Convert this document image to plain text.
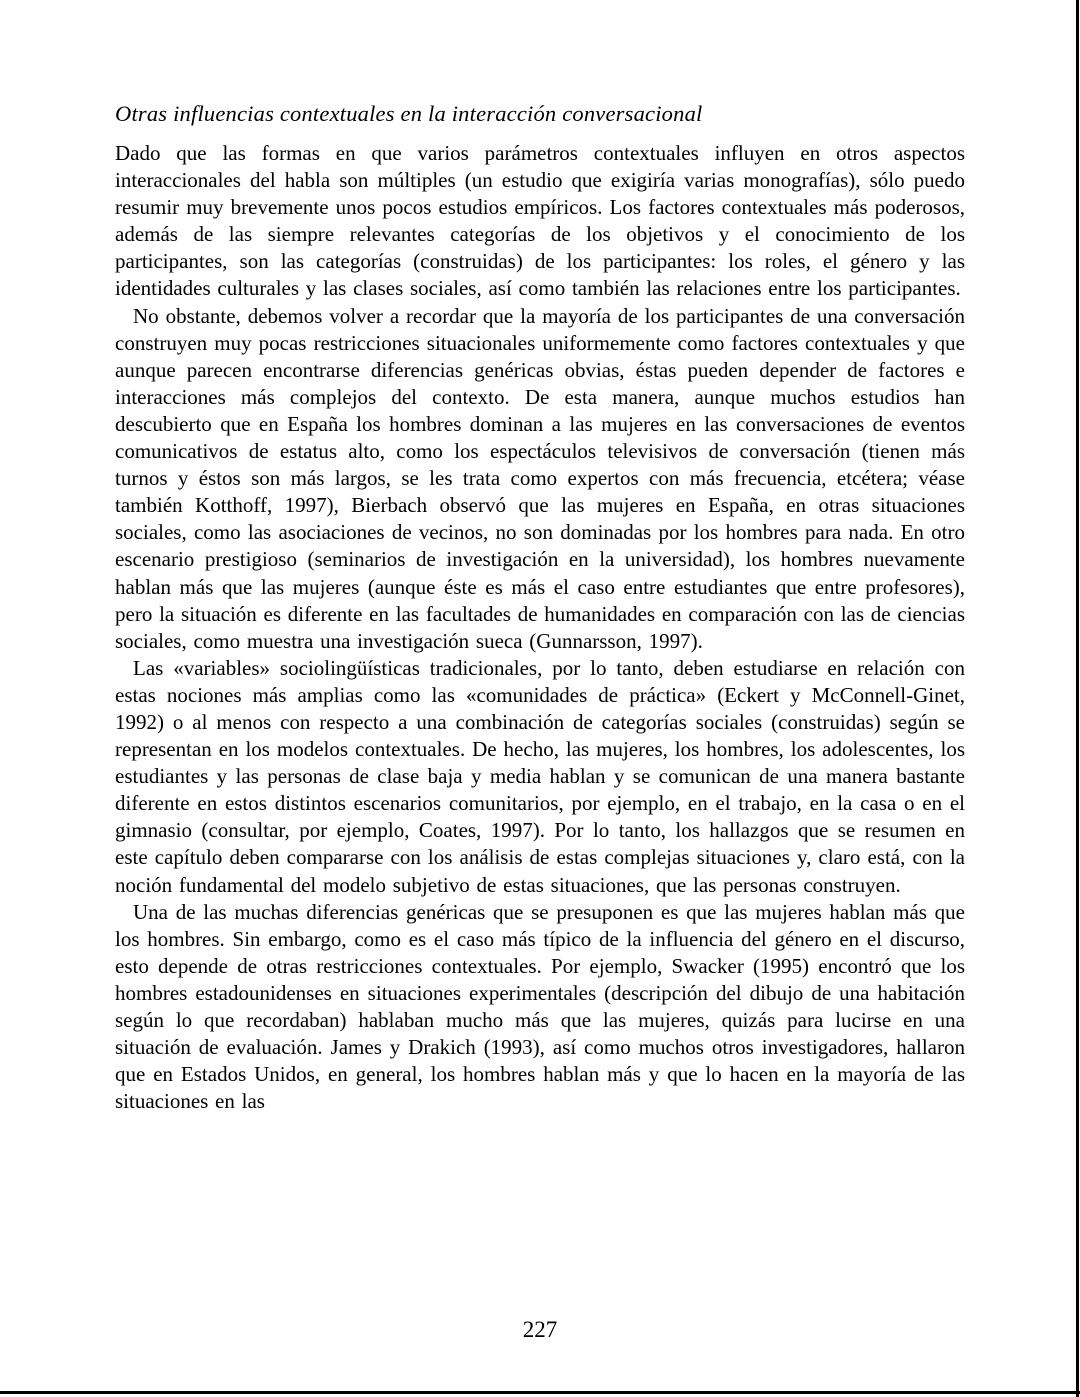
Otras influencias contextuales en la interacción conversacional

Dado que las formas en que varios parámetros contextuales influyen en otros aspectos interaccionales del habla son múltiples (un estudio que exigiría varias monografías), sólo puedo resumir muy brevemente unos pocos estudios empíricos. Los factores contextuales más poderosos, además de las siempre relevantes categorías de los objetivos y el conocimiento de los participantes, son las categorías (construidas) de los participantes: los roles, el género y las identidades culturales y las clases sociales, así como también las relaciones entre los participantes.

No obstante, debemos volver a recordar que la mayoría de los participantes de una conversación construyen muy pocas restricciones situacionales uniformemente como factores contextuales y que aunque parecen encontrarse diferencias genéricas obvias, éstas pueden depender de factores e interacciones más complejos del contexto. De esta manera, aunque muchos estudios han descubierto que en España los hombres dominan a las mujeres en las conversaciones de eventos comunicativos de estatus alto, como los espectáculos televisivos de conversación (tienen más turnos y éstos son más largos, se les trata como expertos con más frecuencia, etcétera; véase también Kotthoff, 1997), Bierbach observó que las mujeres en España, en otras situaciones sociales, como las asociaciones de vecinos, no son dominadas por los hombres para nada. En otro escenario prestigioso (seminarios de investigación en la universidad), los hombres nuevamente hablan más que las mujeres (aunque éste es más el caso entre estudiantes que entre profesores), pero la situación es diferente en las facultades de humanidades en comparación con las de ciencias sociales, como muestra una investigación sueca (Gunnarsson, 1997).

Las «variables» sociolingüísticas tradicionales, por lo tanto, deben estudiarse en relación con estas nociones más amplias como las «comunidades de práctica» (Eckert y McConnell-Ginet, 1992) o al menos con respecto a una combinación de categorías sociales (construidas) según se representan en los modelos contextuales. De hecho, las mujeres, los hombres, los adolescentes, los estudiantes y las personas de clase baja y media hablan y se comunican de una manera bastante diferente en estos distintos escenarios comunitarios, por ejemplo, en el trabajo, en la casa o en el gimnasio (consultar, por ejemplo, Coates, 1997). Por lo tanto, los hallazgos que se resumen en este capítulo deben compararse con los análisis de estas complejas situaciones y, claro está, con la noción fundamental del modelo subjetivo de estas situaciones, que las personas construyen.

Una de las muchas diferencias genéricas que se presuponen es que las mujeres hablan más que los hombres. Sin embargo, como es el caso más típico de la influencia del género en el discurso, esto depende de otras restricciones contextuales. Por ejemplo, Swacker (1995) encontró que los hombres estadounidenses en situaciones experimentales (descripción del dibujo de una habitación según lo que recordaban) hablaban mucho más que las mujeres, quizás para lucirse en una situación de evaluación. James y Drakich (1993), así como muchos otros investigadores, hallaron que en Estados Unidos, en general, los hombres hablan más y que lo hacen en la mayoría de las situaciones en las

227
